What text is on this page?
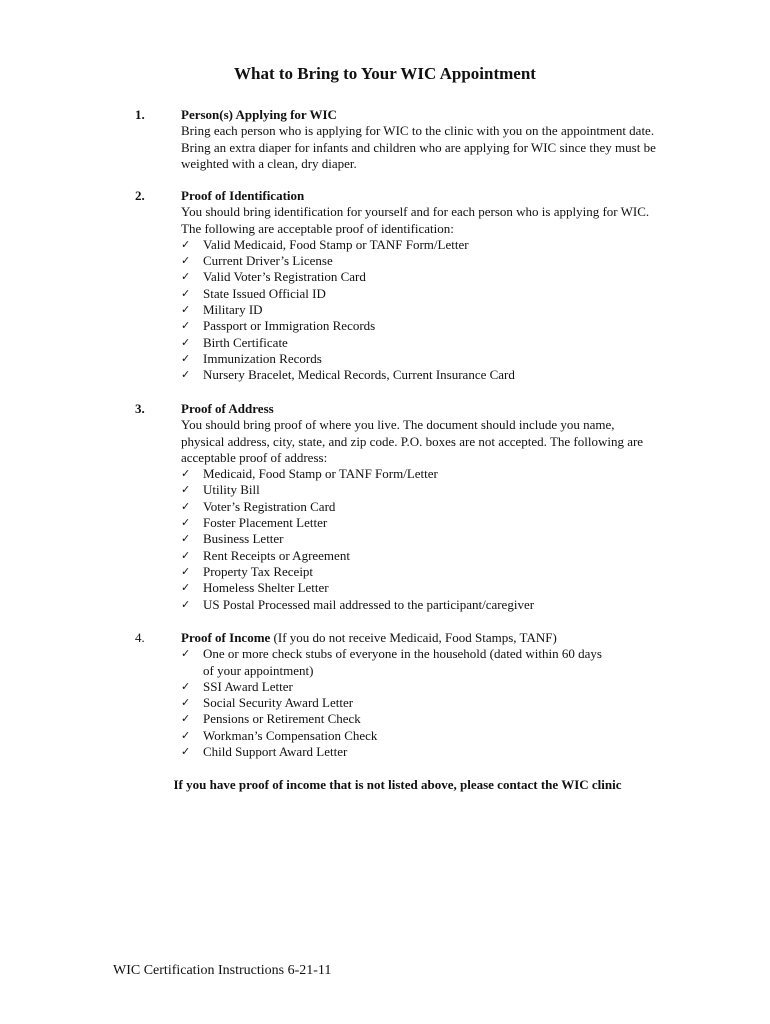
What to Bring to Your WIC Appointment
1.	Person(s) Applying for WIC

Bring each person who is applying for WIC to the clinic with you on the appointment date. Bring an extra diaper for infants and children who are applying for WIC since they must be weighted with a clean, dry diaper.

2.	Proof of Identification

You should bring identification for yourself and for each person who is applying for WIC. The following are acceptable proof of identification:

✓ Valid Medicaid, Food Stamp or TANF Form/Letter
✓ Current Driver’s License
✓ Valid Voter’s Registration Card
✓ State Issued Official ID
✓ Military ID
✓ Passport or Immigration Records
✓ Birth Certificate
✓ Immunization Records
✓ Nursery Bracelet, Medical Records, Current Insurance Card
3.	Proof of Address

You should bring proof of where you live. The document should include you name, physical address, city, state, and zip code. P.O. boxes are not accepted. The following are acceptable proof of address:

✓ Medicaid, Food Stamp or TANF Form/Letter
✓ Utility Bill
✓ Voter’s Registration Card
✓ Foster Placement Letter
✓ Business Letter
✓ Rent Receipts or Agreement
✓ Property Tax Receipt
✓ Homeless Shelter Letter
✓ US Postal Processed mail addressed to the participant/caregiver
4.	Proof of Income (If you do not receive Medicaid, Food Stamps, TANF)
✓ One or more check stubs of everyone in the household (dated within 60 days of your appointment)
✓ SSI Award Letter
✓ Social Security Award Letter
✓ Pensions or Retirement Check
✓ Workman’s Compensation Check
✓ Child Support Award Letter
If you have proof of income that is not listed above, please contact the WIC clinic
WIC Certification Instructions 6-21-11
